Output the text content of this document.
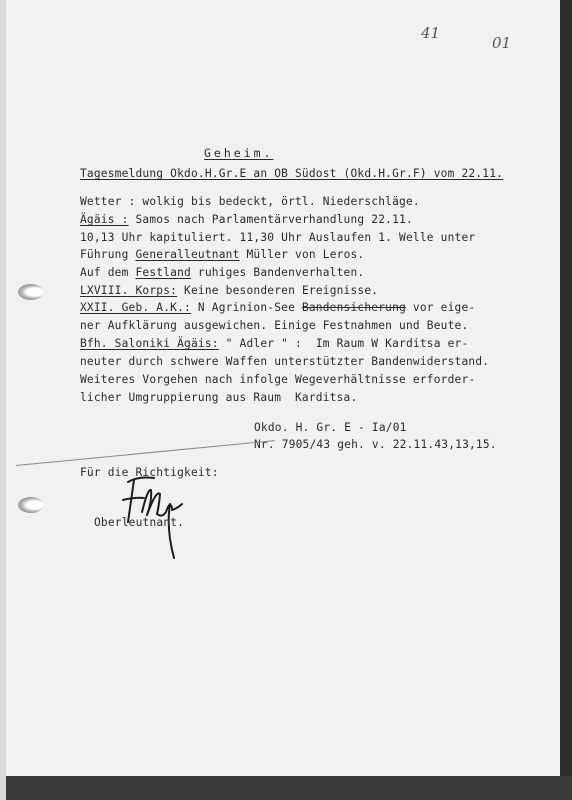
41
01
Geheim.
Tagesmeldung Okdo.H.Gr.E an OB Südost (Okd.H.Gr.F) vom 22.11.
Wetter : wolkig bis bedeckt, örtl. Niederschläge.
Ägäis : Samos nach Parlamentärverhandlung 22.11.
10,13 Uhr kapituliert. 11,30 Uhr Auslaufen 1. Welle unter
Führung Generalleutnant Müller von Leros.
Auf dem Festland ruhiges Bandenverhalten.
LXVIII. Korps: Keine besonderen Ereignisse.
XXII. Geb. A.K.: N Agrinion-See Bandensicherung vor eige-
ner Aufklärung ausgewichen. Einige Festnahmen und Beute.
Bfh. Saloniki Ägäis: " Adler " :  Im Raum W Karditsa er-
neuter durch schwere Waffen unterstützter Bandenwiderstand.
Weiteres Vorgehen nach infolge Wegeverhältnisse erforder-
licher Umgruppierung aus Raum  Karditsa.
Okdo. H. Gr. E - Ia/01
Nr. 7905/43 geh. v. 22.11.43,13,15.
Für die Richtigkeit:
Oberleutnant.
